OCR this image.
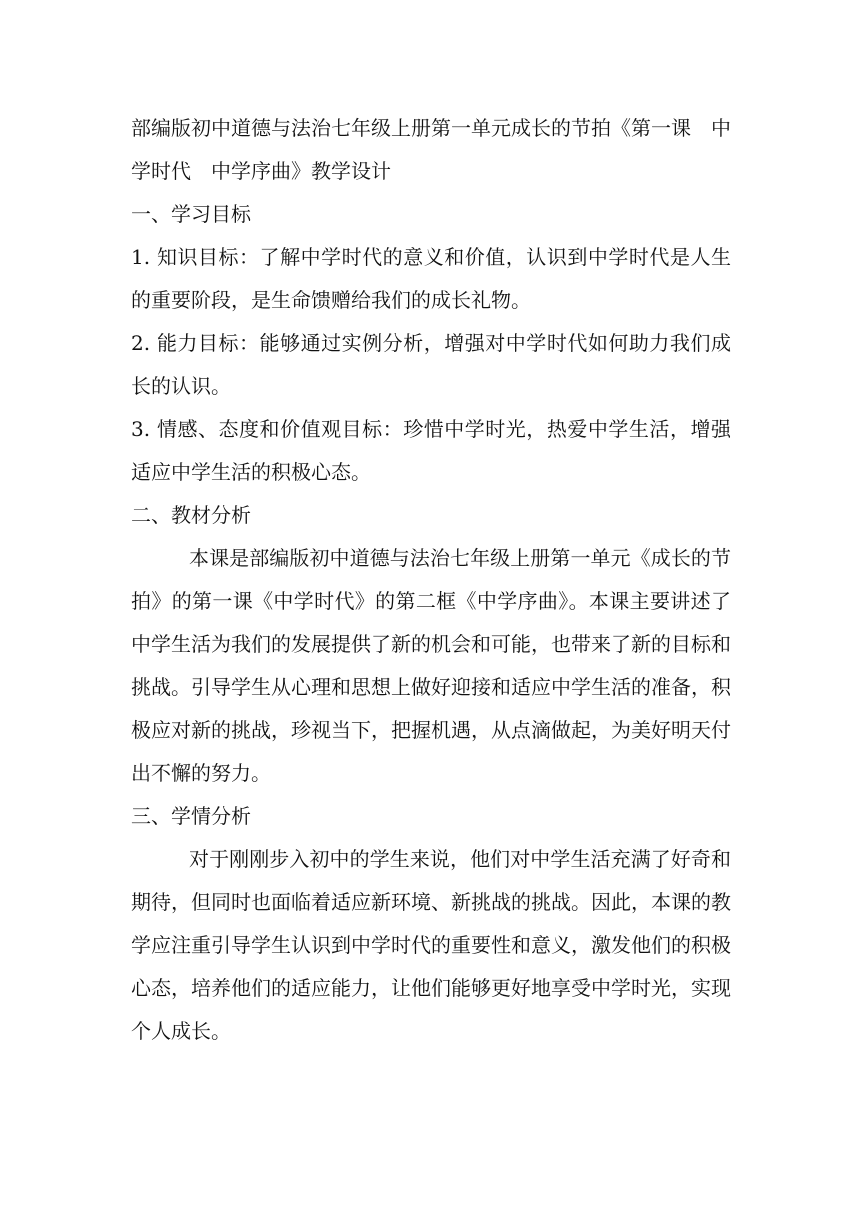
部编版初中道德与法治七年级上册第一单元成长的节拍《第一课　中学时代　中学序曲》教学设计

一、学习目标

1. 知识目标：了解中学时代的意义和价值，认识到中学时代是人生的重要阶段，是生命馈赠给我们的成长礼物。

2. 能力目标：能够通过实例分析，增强对中学时代如何助力我们成长的认识。

3. 情感、态度和价值观目标：珍惜中学时光，热爱中学生活，增强适应中学生活的积极心态。

二、教材分析

本课是部编版初中道德与法治七年级上册第一单元《成长的节拍》的第一课《中学时代》的第二框《中学序曲》。本课主要讲述了中学生活为我们的发展提供了新的机会和可能，也带来了新的目标和挑战。引导学生从心理和思想上做好迎接和适应中学生活的准备，积极应对新的挑战，珍视当下，把握机遇，从点滴做起，为美好明天付出不懈的努力。

三、学情分析

对于刚刚步入初中的学生来说，他们对中学生活充满了好奇和期待，但同时也面临着适应新环境、新挑战的挑战。因此，本课的教学应注重引导学生认识到中学时代的重要性和意义，激发他们的积极心态，培养他们的适应能力，让他们能够更好地享受中学时光，实现个人成长。
